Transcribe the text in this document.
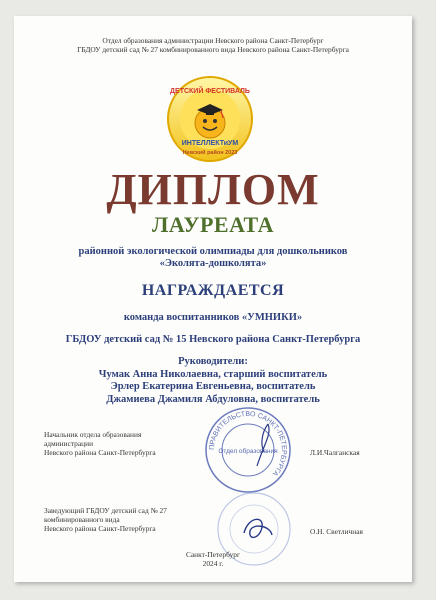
Отдел образования администрации Невского района Санкт-Петербург
ГБДОУ детский сад № 27 комбинированного вида Невского района Санкт-Петербурга
ДЕТСКИЙ ФЕСТИВАЛЬ
ИНТЕЛЛЕКТиУМ
Невский район 2023
ДИПЛОМ
ЛАУРЕАТА
районной экологической олимпиады для дошкольников
«Эколята-дошколята»
НАГРАЖДАЕТСЯ
команда воспитанников «УМНИКИ»
ГБДОУ детский сад № 15 Невского района Санкт-Петербурга
Руководители:
Чумак Анна Николаевна, старший воспитатель
Эрлер Екатерина Евгеньевна, воспитатель
Джамиева Джамиля Абдуловна, воспитатель
ПРАВИТЕЛЬСТВО САНКТ-ПЕТЕРБУРГА
Отдел образования
Начальник отдела образования
администрации
Невского района Санкт-Петербурга	Л.И.Чалганская
Заведующий ГБДОУ детский сад № 27
комбинированного вида
Невского района Санкт-Петербурга	О.Н. Светличная
Санкт-Петербург
2024 г.
